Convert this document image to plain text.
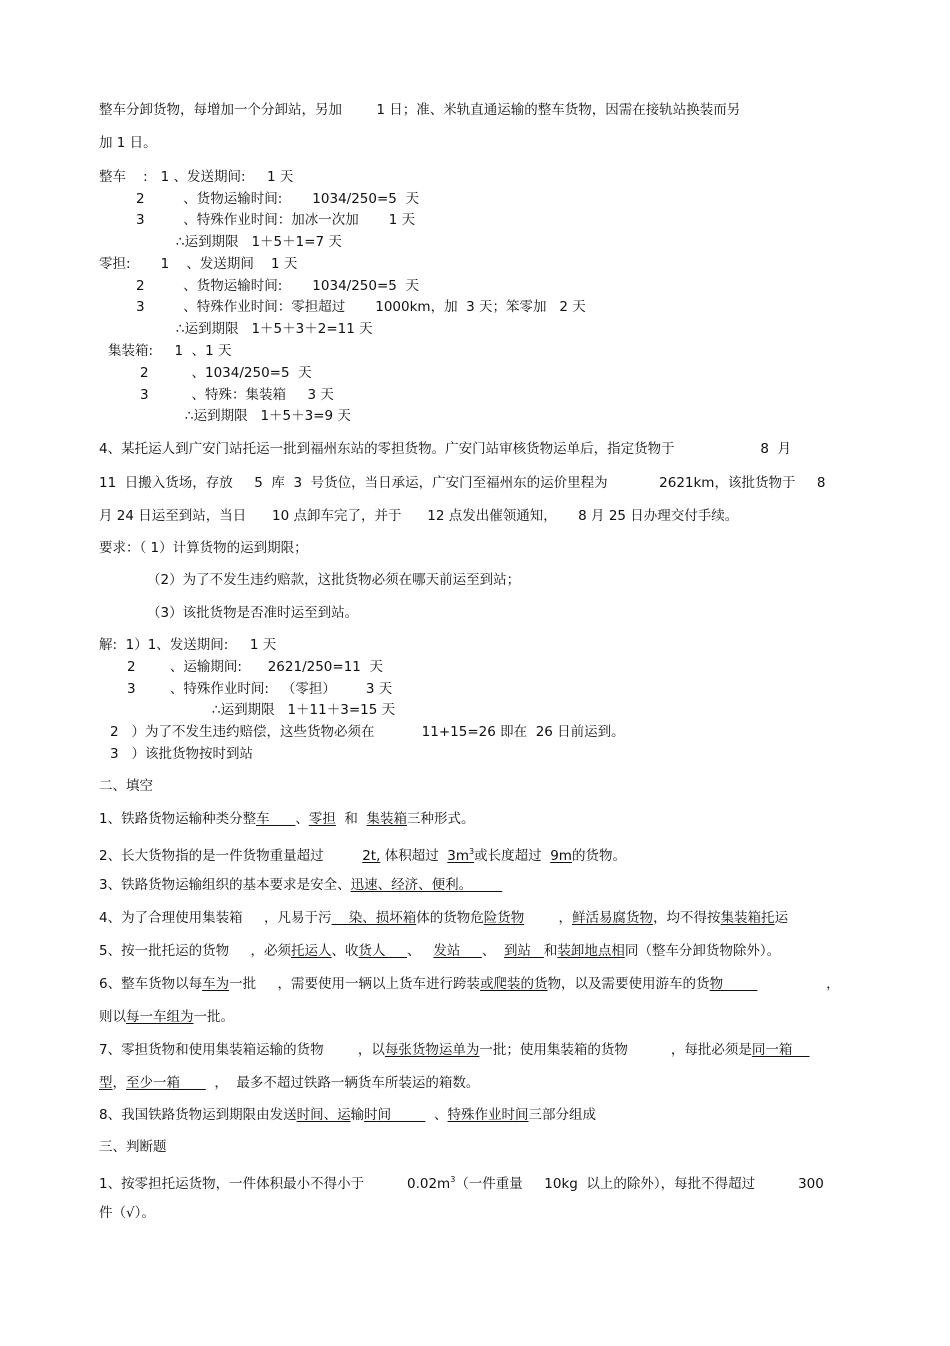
整车分卸货物，每增加一个分卸站，另加        1 日；准、米轨直通运输的整车货物，因需在接轨站换装而另
加 1 日。
整车    :   1 、发送期间:     1 天
2         、货物运输时间:       1034/250=5  天
3         、特殊作业时间：加冰一次加       1 天
∴运到期限   1＋5＋1=7 天
零担:       1    、发送期间    1 天
2         、货物运输时间:       1034/250=5  天
3         、特殊作业时间：零担超过       1000km，加  3 天；笨零加   2 天
∴运到期限   1＋5＋3＋2=11 天
集装箱:     1  、1 天
2          、1034/250=5  天
3          、特殊：集装箱     3 天
∴运到期限   1＋5＋3=9 天
4、某托运人到广安门站托运一批到福州东站的零担货物。广安门站审核货物运单后，指定货物于                    8  月
11  日搬入货场，存放     5  库  3  号货位，当日承运，广安门至福州东的运价里程为            2621km，该批货物于     8
月 24 日运至到站，当日      10 点卸车完了，并于      12 点发出催领通知，     8 月 25 日办理交付手续。
要求：（ 1）计算货物的运到期限；
（2）为了不发生违约赔款，这批货物必须在哪天前运至到站；
（3）该批货物是否准时运至到站。
解:  1）1、发送期间:     1 天
2        、运输期间:      2621/250=11  天
3        、特殊作业时间:   （零担）       3 天
∴运到期限   1＋11＋3=15 天
2   ）为了不发生违约赔偿，这些货物必须在           11+15=26 即在  26 日前运到。
3   ）该批货物按时到站
二、填空
1、铁路货物运输种类分整车      、零担  和  集装箱三种形式。
2、长大货物指的是一件货物重量超过         2t, 体积超过  $3m^3$或长度超过  9m的货物。
3、铁路货物运输组织的基本要求是安全、迅速、经济、便利。
4、为了合理使用集装箱     ，凡易于污    染、损坏箱体的货物危险货物        ，鲜活易腐货物，均不得按集装箱托运
5、按一批托运的货物     ，必须托运人、收货人     、   发站     、  到站   和装卸地点相同（整车分卸货物除外）。
6、整车货物以每车为一批     ，需要使用一辆以上货车进行跨装或爬装的货物，以及需要使用游车的货物                        ，
则以每一车组为一批。
7、零担货物和使用集装箱运输的货物        ，以每张货物运单为一批；使用集装箱的货物          ，每批必须是同一箱
型，至少一箱        ，  最多不超过铁路一辆货车所装运的箱数。
8、我国铁路货物运到期限由发送时间、运输时间          、特殊作业时间三部分组成
三、判断题
1、按零担托运货物，一件体积最小不得小于          $0.02m^3$（一件重量     10kg  以上的除外），每批不得超过          300
件（√）。
